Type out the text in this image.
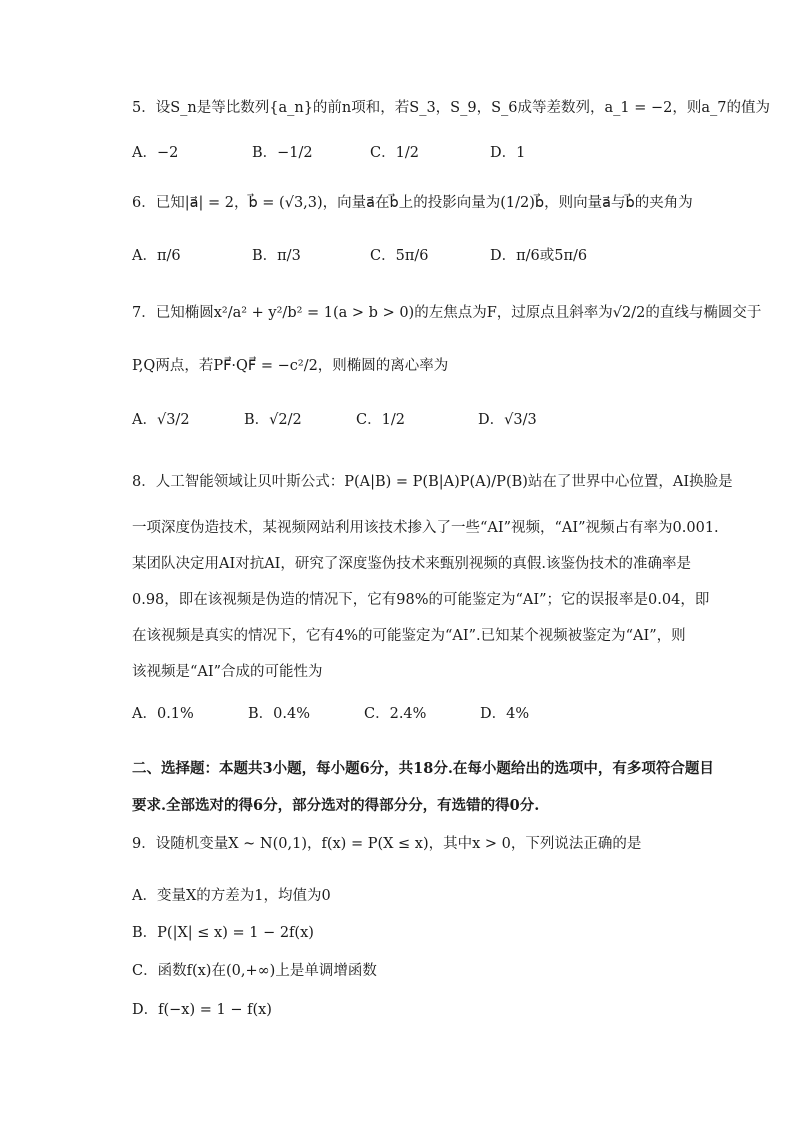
5．设S_n是等比数列{a_n}的前n项和，若S_3，S_9，S_6成等差数列，a_1 = −2，则a_7的值为
A．−2	B．−1/2	C．1/2	D．1
6．已知|a⃗| = 2，b⃗ = (√3,3)，向量a⃗在b⃗上的投影向量为(1/2)b⃗，则向量a⃗与b⃗的夹角为
A．π/6	B．π/3	C．5π/6	D．π/6或5π/6
7．已知椭圆x²/a² + y²/b² = 1(a > b > 0)的左焦点为F，过原点且斜率为√2/2的直线与椭圆交于
P,Q两点，若PF⃗·QF⃗ = −c²/2，则椭圆的离心率为
A．√3/2	B．√2/2	C．1/2	D．√3/3
8．人工智能领域让贝叶斯公式：P(A|B) = P(B|A)P(A)/P(B)站在了世界中心位置，AI换脸是
一项深度伪造技术，某视频网站利用该技术掺入了一些“AI”视频，“AI”视频占有率为0.001.
某团队决定用AI对抗AI，研究了深度鉴伪技术来甄别视频的真假.该鉴伪技术的准确率是
0.98，即在该视频是伪造的情况下，它有98%的可能鉴定为“AI”；它的误报率是0.04，即
在该视频是真实的情况下，它有4%的可能鉴定为“AI”.已知某个视频被鉴定为“AI”，则
该视频是“AI”合成的可能性为
A．0.1%	B．0.4%	C．2.4%	D．4%
二、选择题：本题共3小题，每小题6分，共18分.在每小题给出的选项中，有多项符合题目
要求.全部选对的得6分，部分选对的得部分分，有选错的得0分.
9．设随机变量X ~ N(0,1)，f(x) = P(X ≤ x)，其中x > 0，下列说法正确的是
A．变量X的方差为1，均值为0
B．P(|X| ≤ x) = 1 − 2f(x)
C．函数f(x)在(0,+∞)上是单调增函数
D．f(−x) = 1 − f(x)
